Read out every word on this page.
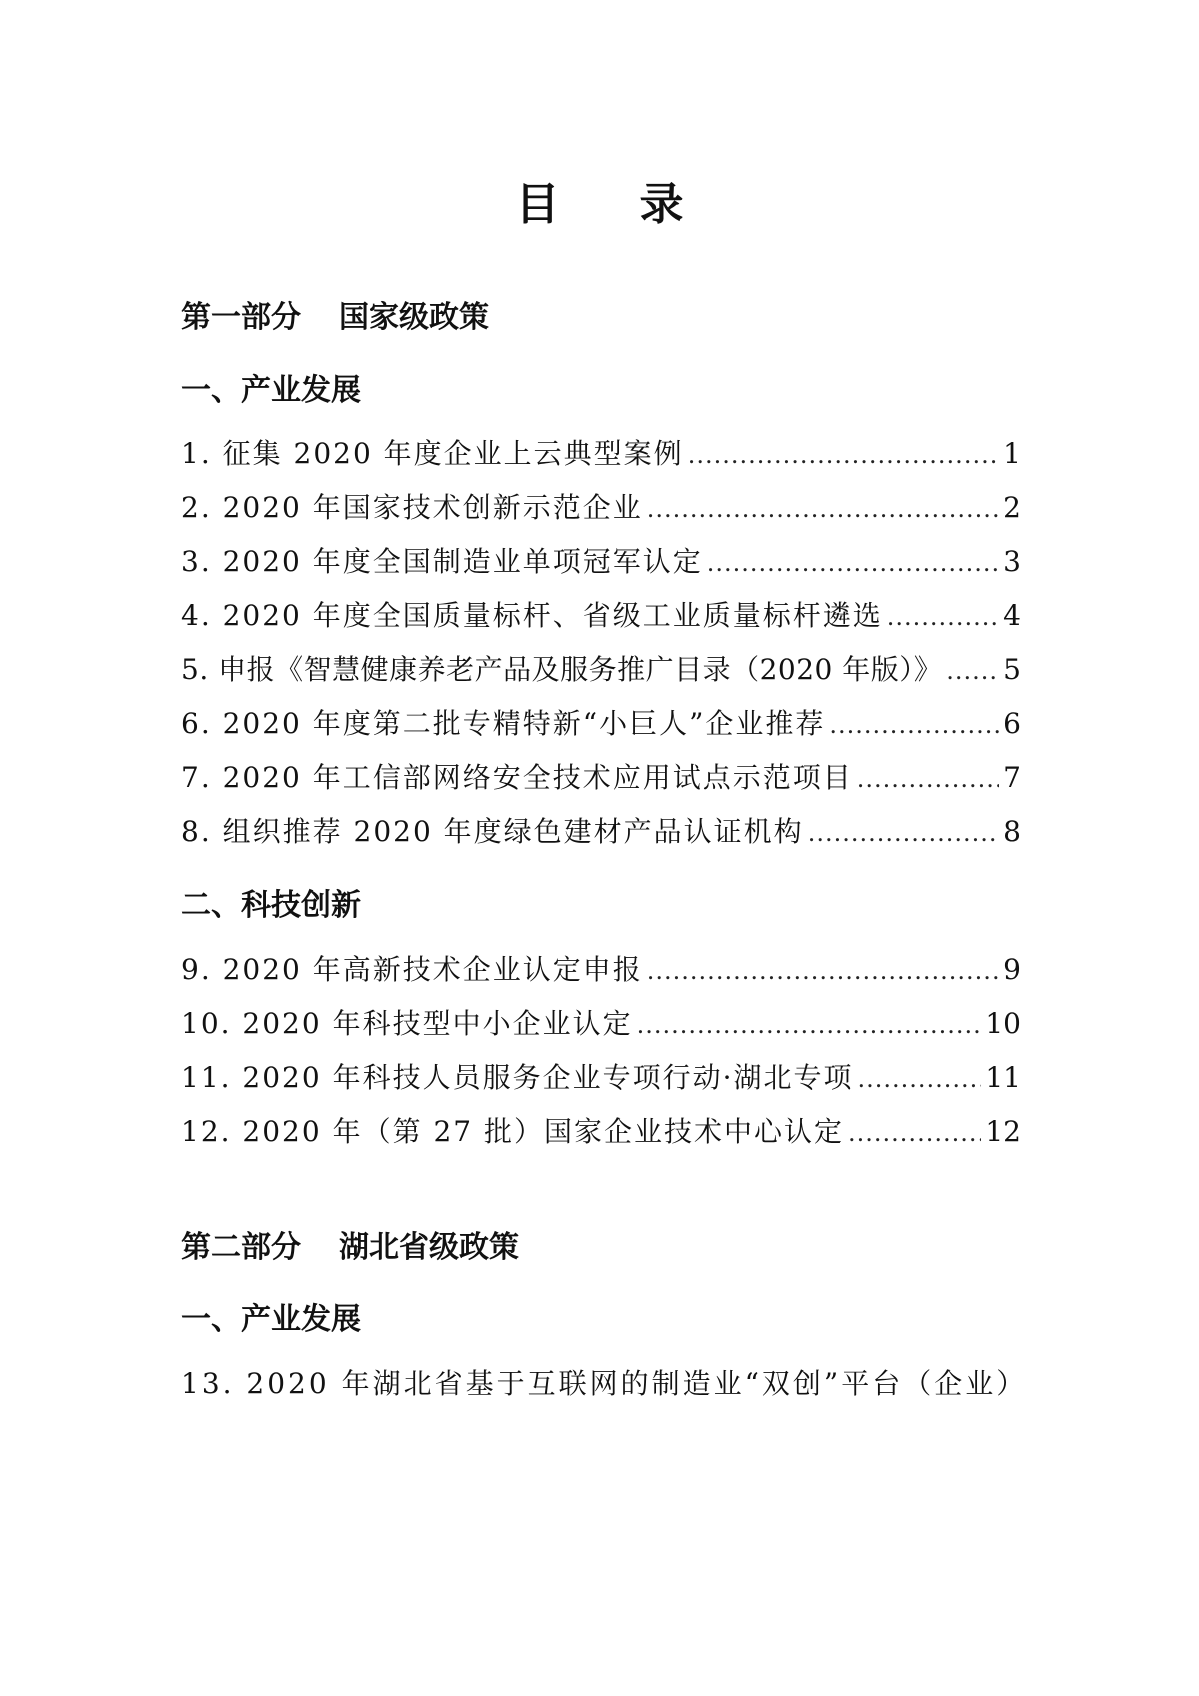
目 录
第一部分 国家级政策
一、产业发展
1. 征集 2020 年度企业上云典型案例 .....	1
2. 2020 年国家技术创新示范企业 .....	2
3. 2020 年度全国制造业单项冠军认定 .....	3
4. 2020 年度全国质量标杆、省级工业质量标杆遴选 .....	4
5. 申报《智慧健康养老产品及服务推广目录（2020 年版）》 ..... 5
6. 2020 年度第二批专精特新“小巨人”企业推荐 .....	6
7. 2020 年工信部网络安全技术应用试点示范项目 .....	7
8. 组织推荐 2020 年度绿色建材产品认证机构 .....	8
二、科技创新
9. 2020 年高新技术企业认定申报 .....	9
10. 2020 年科技型中小企业认定 .....	10
11. 2020 年科技人员服务企业专项行动·湖北专项 .....	11
12. 2020 年（第 27 批）国家企业技术中心认定 .....	12
第二部分 湖北省级政策
一、产业发展
13. 2020 年湖北省基于互联网的制造业“双创”平台（企业）
